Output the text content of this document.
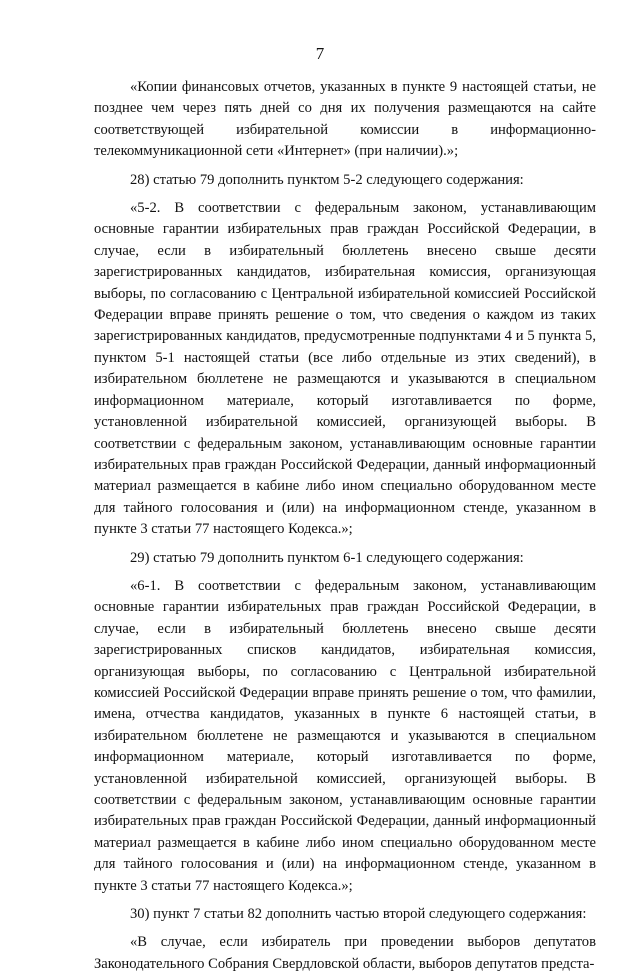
7

«Копии финансовых отчетов, указанных в пункте 9 настоящей статьи, не позднее чем через пять дней со дня их получения размещаются на сайте соответствующей избирательной комиссии в информационно-телекоммуникационной сети «Интернет» (при наличии).»;

28) статью 79 дополнить пунктом 5-2 следующего содержания:

«5-2. В соответствии с федеральным законом, устанавливающим основные гарантии избирательных прав граждан Российской Федерации, в случае, если в избирательный бюллетень внесено свыше десяти зарегистрированных кандидатов, избирательная комиссия, организующая выборы, по согласованию с Центральной избирательной комиссией Российской Федерации вправе принять решение о том, что сведения о каждом из таких зарегистрированных кандидатов, предусмотренные подпунктами 4 и 5 пункта 5, пунктом 5-1 настоящей статьи (все либо отдельные из этих сведений), в избирательном бюллетене не размещаются и указываются в специальном информационном материале, который изготавливается по форме, установленной избирательной комиссией, организующей выборы. В соответствии с федеральным законом, устанавливающим основные гарантии избирательных прав граждан Российской Федерации, данный информационный материал размещается в кабине либо ином специально оборудованном месте для тайного голосования и (или) на информационном стенде, указанном в пункте 3 статьи 77 настоящего Кодекса.»;

29) статью 79 дополнить пунктом 6-1 следующего содержания:

«6-1. В соответствии с федеральным законом, устанавливающим основные гарантии избирательных прав граждан Российской Федерации, в случае, если в избирательный бюллетень внесено свыше десяти зарегистрированных списков кандидатов, избирательная комиссия, организующая выборы, по согласованию с Центральной избирательной комиссией Российской Федерации вправе принять решение о том, что фамилии, имена, отчества кандидатов, указанных в пункте 6 настоящей статьи, в избирательном бюллетене не размещаются и указываются в специальном информационном материале, который изготавливается по форме, установленной избирательной комиссией, организующей выборы. В соответствии с федеральным законом, устанавливающим основные гарантии избирательных прав граждан Российской Федерации, данный информационный материал размещается в кабине либо ином специально оборудованном месте для тайного голосования и (или) на информационном стенде, указанном в пункте 3 статьи 77 настоящего Кодекса.»;

30) пункт 7 статьи 82 дополнить частью второй следующего содержания:

«В случае, если избиратель при проведении выборов депутатов Законодательного Собрания Свердловской области, выборов депутатов предста-
